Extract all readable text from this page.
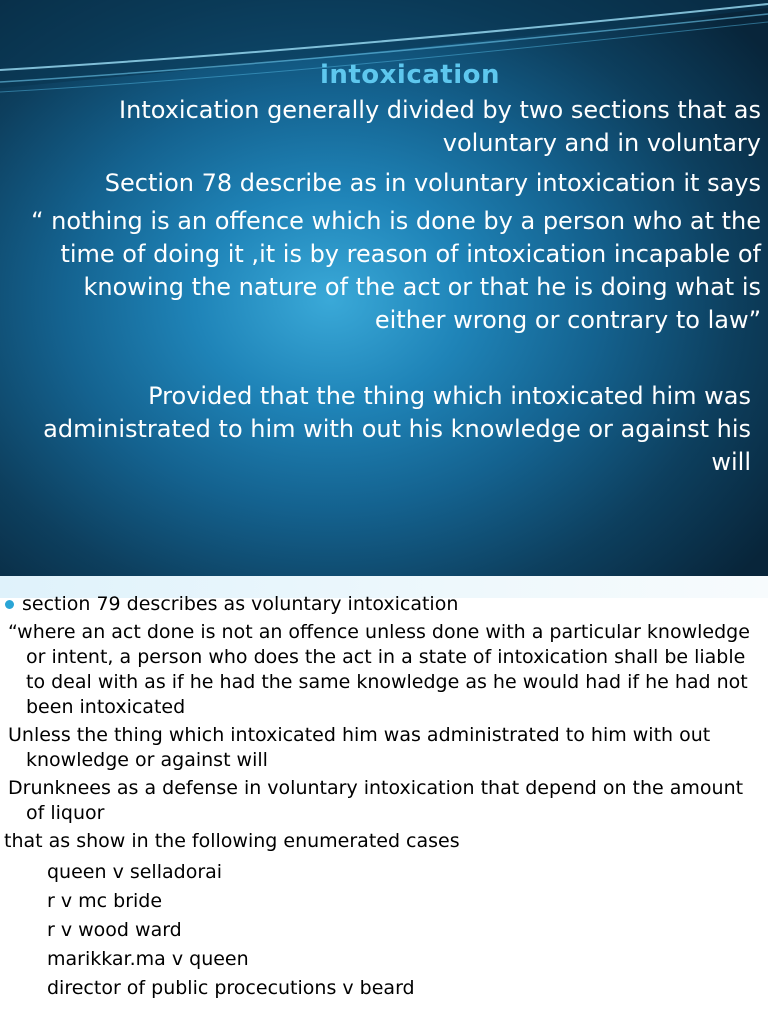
intoxication

Intoxication generally divided by two sections that as voluntary and in voluntary

Section 78 describe as in voluntary intoxication it says

“ nothing is an offence which is done by a person who at the time of doing it ,it is by reason of intoxication incapable of knowing the nature of the act or that he is doing what is either wrong or contrary to law”

Provided that the thing which intoxicated him was administrated to him with out his knowledge or against his will

section 79 describes as voluntary intoxication

“where an act done is not an offence unless done with a particular knowledge or intent, a person who does the act in a state of intoxication shall be liable to deal with as if he had the same knowledge as he would had if he had not been intoxicated

Unless the thing which intoxicated him was administrated to him with out knowledge or against will

Drunknees as a defense in voluntary intoxication that depend on the amount of liquor

that as show in the following enumerated cases

queen v selladorai
r v mc bride
r v wood ward
marikkar.ma v queen
director of public procecutions v beard
